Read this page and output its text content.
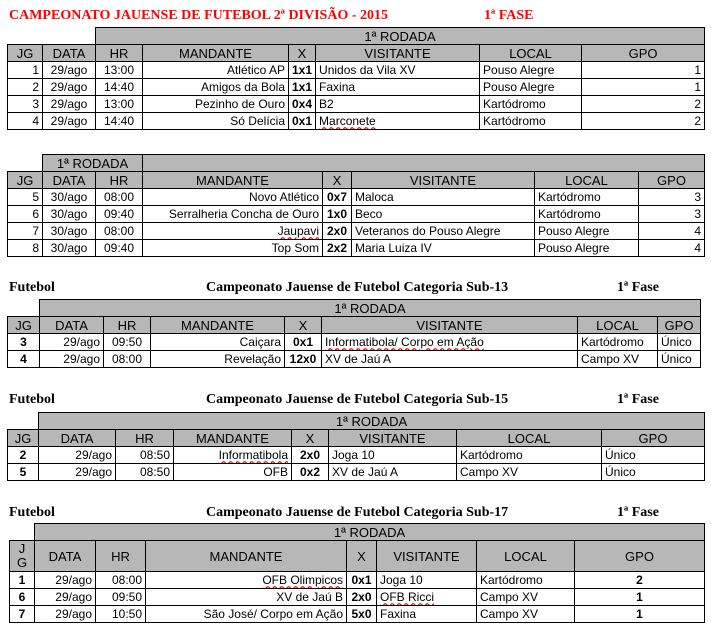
CAMPEONATO JAUENSE DE FUTEBOL 2ª DIVISÃO - 2015	1ª FASE
		1ª RODADA					
JG	DATA	HR	MANDANTE	X	VISITANTE	LOCAL	GPO
1	29/ago	13:00	Atlético AP	1x1	Unidos da Vila XV	Pouso Alegre	1
2	29/ago	14:40	Amigos da Bola	1x1	Faxina	Pouso Alegre	1
3	29/ago	13:00	Pezinho de Ouro	0x4	B2	Kartódromo	2
4	29/ago	14:40	Só Delícia	0x1	Marconete	Kartódromo	2
	1ª RODADA						
JG	DATA	HR	MANDANTE	X	VISITANTE	LOCAL	GPO
5	30/ago	08:00	Novo Atlético	0x7	Maloca	Kartódromo	3
6	30/ago	09:40	Serralheria Concha de Ouro	1x0	Beco	Kartódromo	3
7	30/ago	08:00	Jaupavi	2x0	Veteranos do Pouso Alegre	Pouso Alegre	4
8	30/ago	09:40	Top Som	2x2	Maria Luiza IV	Pouso Alegre	4
Futebol	Campeonato Jauense de Futebol Categoria Sub-13	1ª Fase
	1ª RODADA						
JG	DATA	HR	MANDANTE	X	VISITANTE	LOCAL	GPO
3	29/ago	09:50	Caiçara	0x1	Informatibola/ Corpo em Ação	Kartódromo	Único
4	29/ago	08:00	Revelação	12x0	XV de Jaú A	Campo XV	Único
Futebol	Campeonato Jauense de Futebol Categoria Sub-15	1ª Fase
	1ª RODADA						
JG	DATA	HR	MANDANTE	X	VISITANTE	LOCAL	GPO
2	29/ago	08:50	Informatibola	2x0	Joga 10	Kartódromo	Único
5	29/ago	08:50	OFB	0x2	XV de Jaú A	Campo XV	Único
Futebol	Campeonato Jauense de Futebol Categoria Sub-17	1ª Fase
	1ª RODADA						
JG	DATA	HR	MANDANTE	X	VISITANTE	LOCAL	GPO
1	29/ago	08:00	OFB Olimpicos	0x1	Joga 10	Kartódromo	2
6	29/ago	09:50	XV de Jaú B	2x0	OFB Ricci	Campo XV	1
7	29/ago	10:50	São José/ Corpo em Ação	5x0	Faxina	Campo XV	1
